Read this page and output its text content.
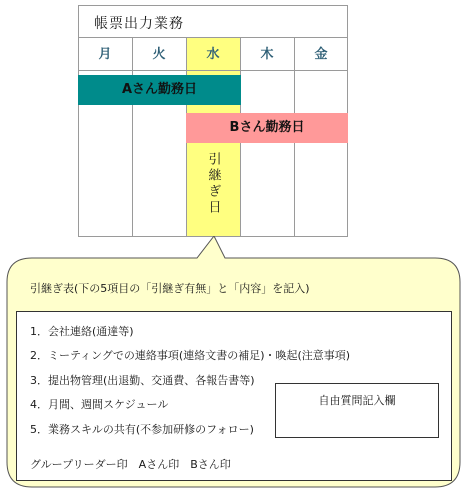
帳票出力業務
月	火	水	木	金
Aさん勤務日
Bさん勤務日
引継ぎ日
引継ぎ表(下の5項目の「引継ぎ有無」と「内容」を記入)
1．会社連絡(通達等)
2．ミーティングでの連絡事項(連絡文書の補足)・喚起(注意事項)
3．提出物管理(出退勤、交通費、各報告書等)
4．月間、週間スケジュール
5．業務スキルの共有(不参加研修のフォロー)
グループリーダー印　Aさん印　Bさん印
自由質問記入欄
